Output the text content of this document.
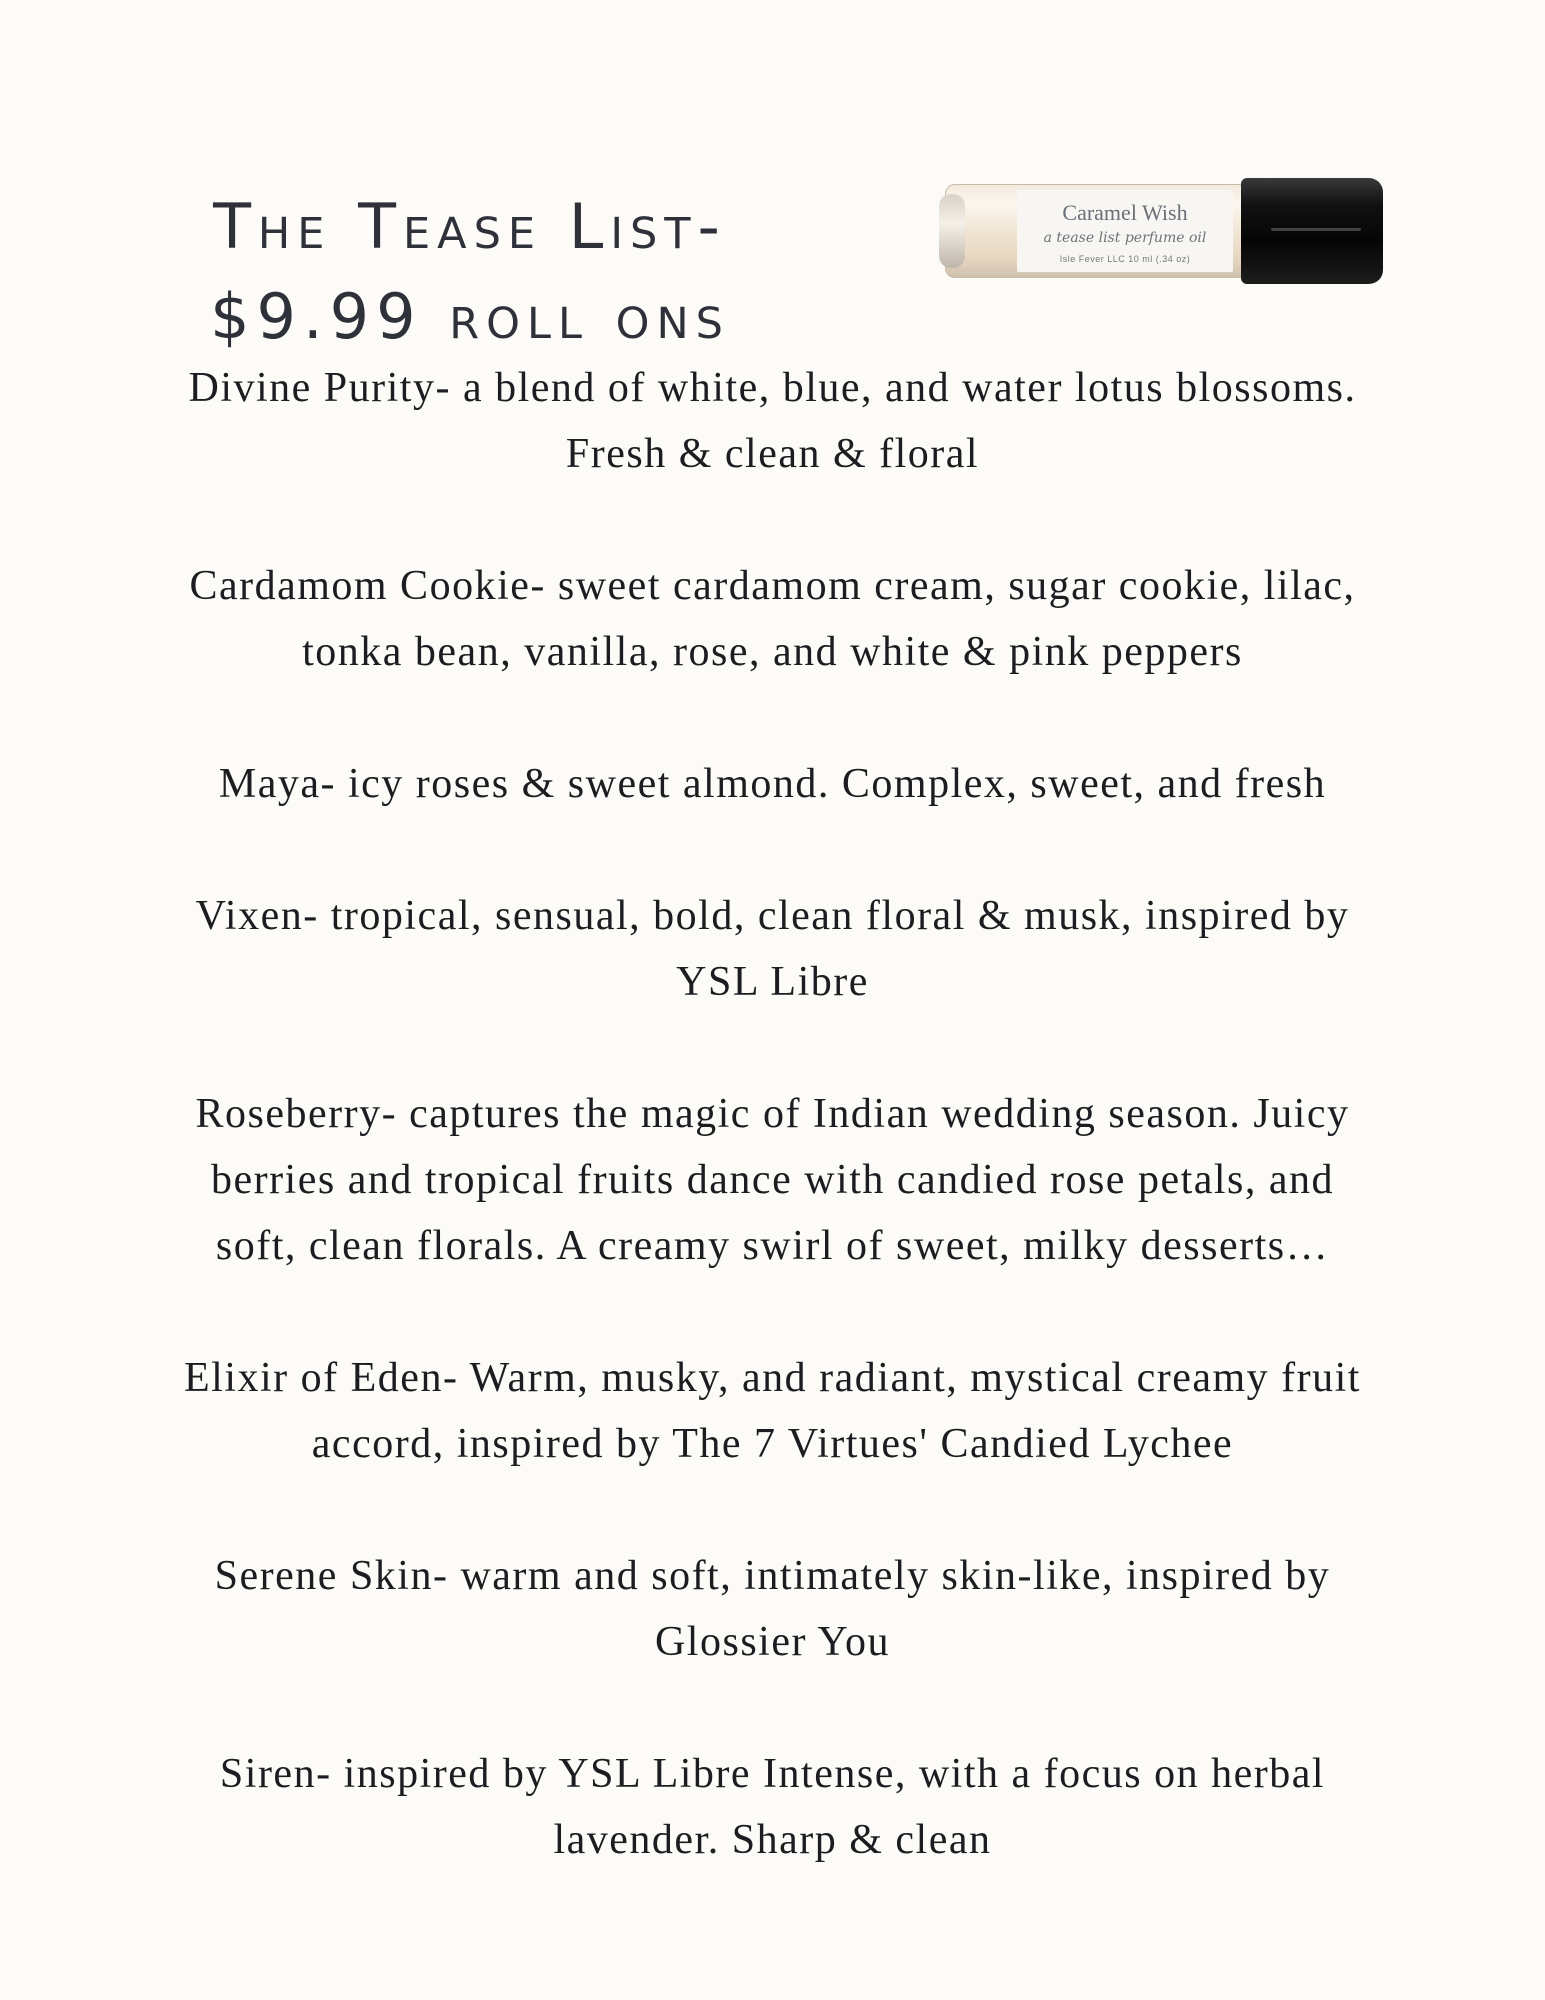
The Tease List-
$9.99 roll ons
Caramel Wish
a tease list perfume oil
Isle Fever LLC 10 ml (.34 oz)

Divine Purity- a blend of white, blue, and water lotus blossoms.
Fresh & clean & floral

Cardamom Cookie- sweet cardamom cream, sugar cookie, lilac,
tonka bean, vanilla, rose, and white & pink peppers

Maya- icy roses & sweet almond. Complex, sweet, and fresh

Vixen- tropical, sensual, bold, clean floral & musk, inspired by
YSL Libre

Roseberry- captures the magic of Indian wedding season. Juicy
berries and tropical fruits dance with candied rose petals, and
soft, clean florals. A creamy swirl of sweet, milky desserts…

Elixir of Eden- Warm, musky, and radiant, mystical creamy fruit
accord, inspired by The 7 Virtues' Candied Lychee

Serene Skin- warm and soft, intimately skin-like, inspired by
Glossier You

Siren- inspired by YSL Libre Intense, with a focus on herbal
lavender. Sharp & clean
